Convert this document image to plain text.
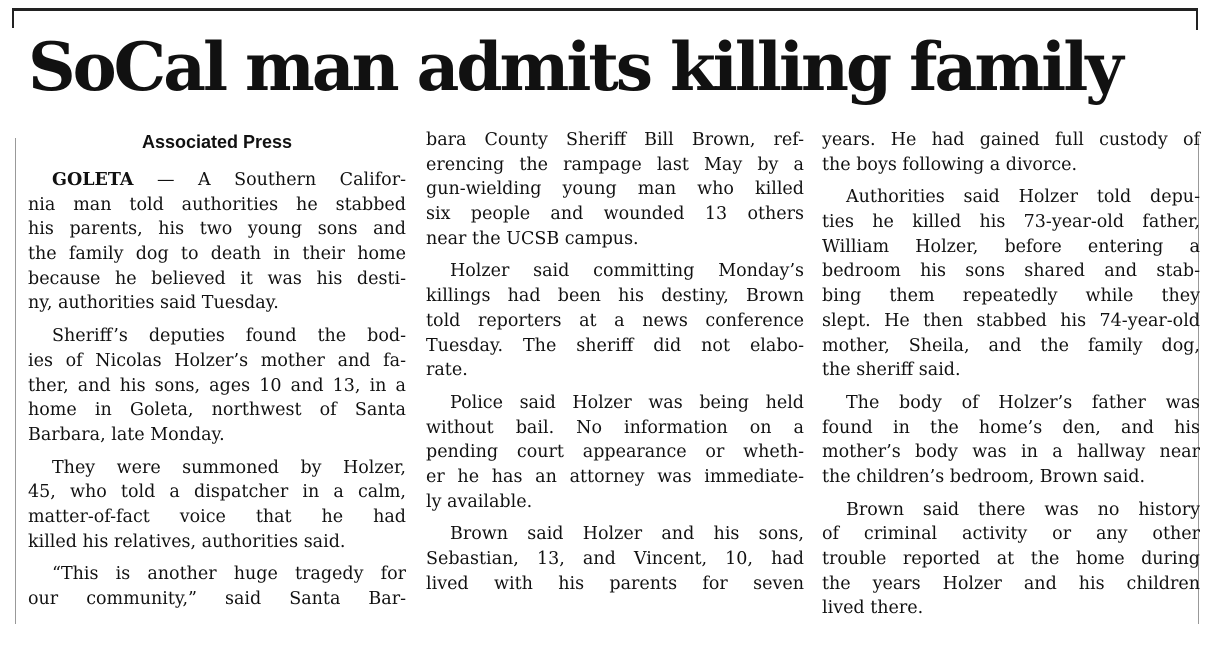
SoCal man admits killing family
Associated Press
GOLETA — A Southern Califor-
nia man told authorities he stabbed
his parents, his two young sons and
the family dog to death in their home
because he believed it was his desti-
ny, authorities said Tuesday.
Sheriff’s deputies found the bod-
ies of Nicolas Holzer’s mother and fa-
ther, and his sons, ages 10 and 13, in a
home in Goleta, northwest of Santa
Barbara, late Monday.
They were summoned by Holzer,
45, who told a dispatcher in a calm,
matter-of-fact voice that he had
killed his relatives, authorities said.
“This is another huge tragedy for
our community,” said Santa Bar-
bara County Sheriff Bill Brown, ref-
erencing the rampage last May by a
gun-wielding young man who killed
six people and wounded 13 others
near the UCSB campus.
Holzer said committing Monday’s
killings had been his destiny, Brown
told reporters at a news conference
Tuesday. The sheriff did not elabo-
rate.
Police said Holzer was being held
without bail. No information on a
pending court appearance or wheth-
er he has an attorney was immediate-
ly available.
Brown said Holzer and his sons,
Sebastian, 13, and Vincent, 10, had
lived with his parents for seven
years. He had gained full custody of
the boys following a divorce.
Authorities said Holzer told depu-
ties he killed his 73-year-old father,
William Holzer, before entering a
bedroom his sons shared and stab-
bing them repeatedly while they
slept. He then stabbed his 74-year-old
mother, Sheila, and the family dog,
the sheriff said.
The body of Holzer’s father was
found in the home’s den, and his
mother’s body was in a hallway near
the children’s bedroom, Brown said.
Brown said there was no history
of criminal activity or any other
trouble reported at the home during
the years Holzer and his children
lived there.
